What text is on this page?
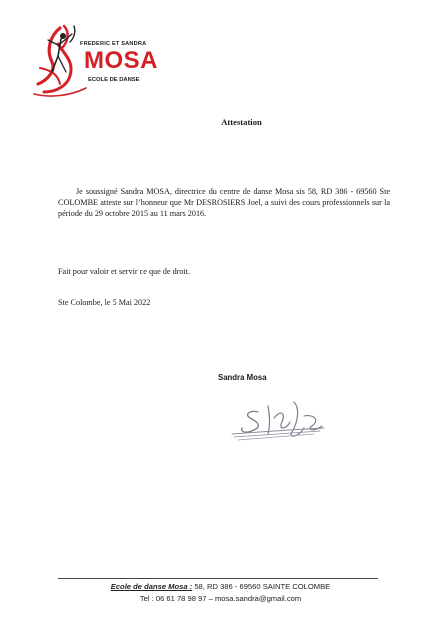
FREDERIC ET SANDRA
MOSA
ECOLE DE DANSE
Attestation

Je soussigné Sandra MOSA, directrice du centre de danse Mosa sis 58, RD 386 - 69560 Ste COLOMBE atteste sur l’honneur que Mr DESROSIERS Joel, a suivi des cours professionnels sur la période du 29 octobre 2015 au 11 mars 2016.

Fait pour valoir et servir ce que de droit.

Ste Colombe, le 5 Mai 2022

Sandra Mosa
Ecole de danse Mosa : 58, RD 386 - 69560 SAINTE COLOMBE
Tel : 06 61 78 98 97 – mosa.sandra@gmail.com
